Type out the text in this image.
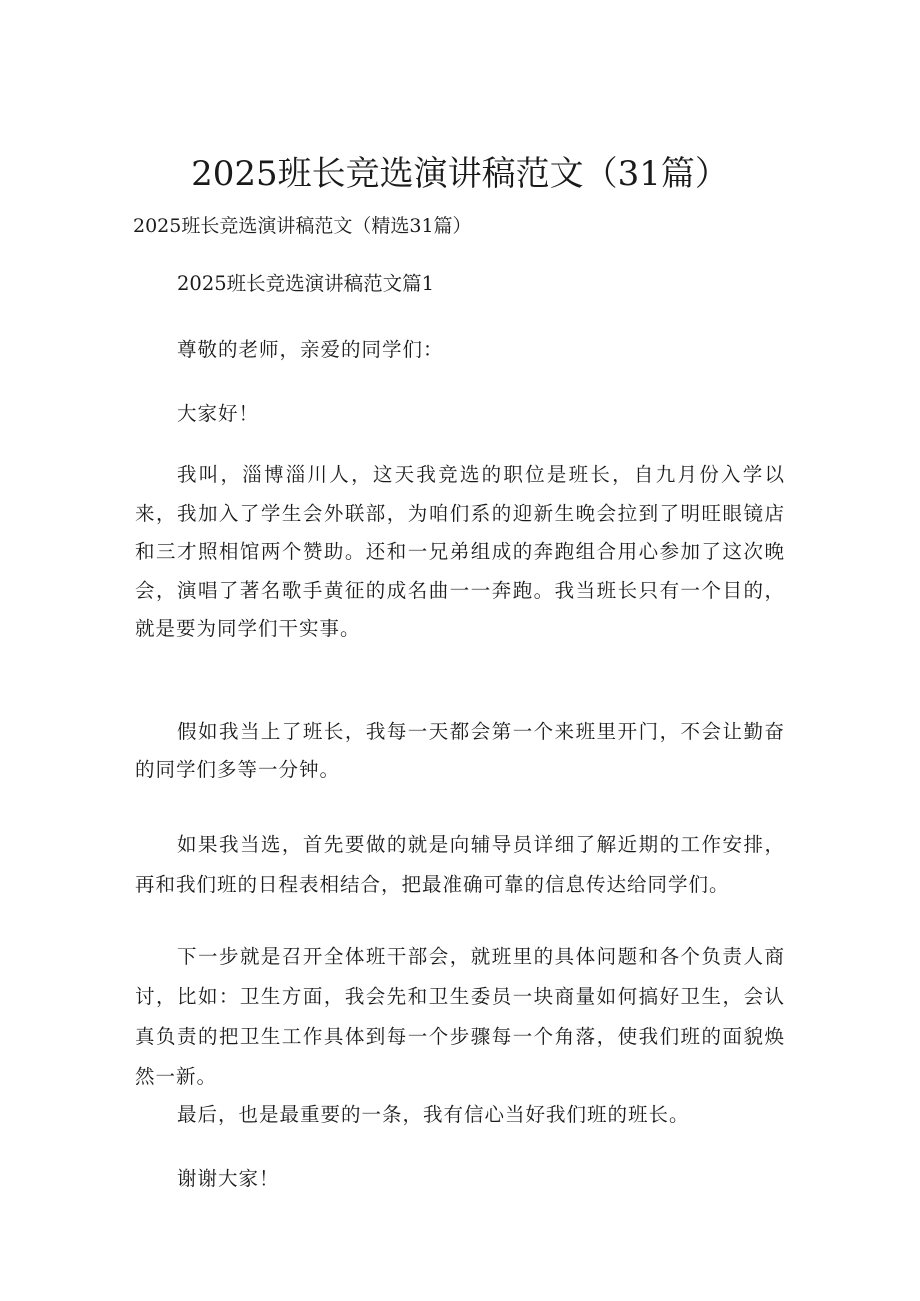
2025班长竞选演讲稿范文（31篇）
2025班长竞选演讲稿范文（精选31篇）

2025班长竞选演讲稿范文篇1

尊敬的老师，亲爱的同学们：

大家好！

我叫，淄博淄川人，这天我竞选的职位是班长，自九月份入学以来，我加入了学生会外联部，为咱们系的迎新生晚会拉到了明旺眼镜店和三才照相馆两个赞助。还和一兄弟组成的奔跑组合用心参加了这次晚会，演唱了著名歌手黄征的成名曲一一奔跑。我当班长只有一个目的，就是要为同学们干实事。

假如我当上了班长，我每一天都会第一个来班里开门，不会让勤奋的同学们多等一分钟。

如果我当选，首先要做的就是向辅导员详细了解近期的工作安排，再和我们班的日程表相结合，把最准确可靠的信息传达给同学们。

下一步就是召开全体班干部会，就班里的具体问题和各个负责人商讨，比如：卫生方面，我会先和卫生委员一块商量如何搞好卫生，会认真负责的把卫生工作具体到每一个步骤每一个角落，使我们班的面貌焕然一新。

最后，也是最重要的一条，我有信心当好我们班的班长。

谢谢大家！
